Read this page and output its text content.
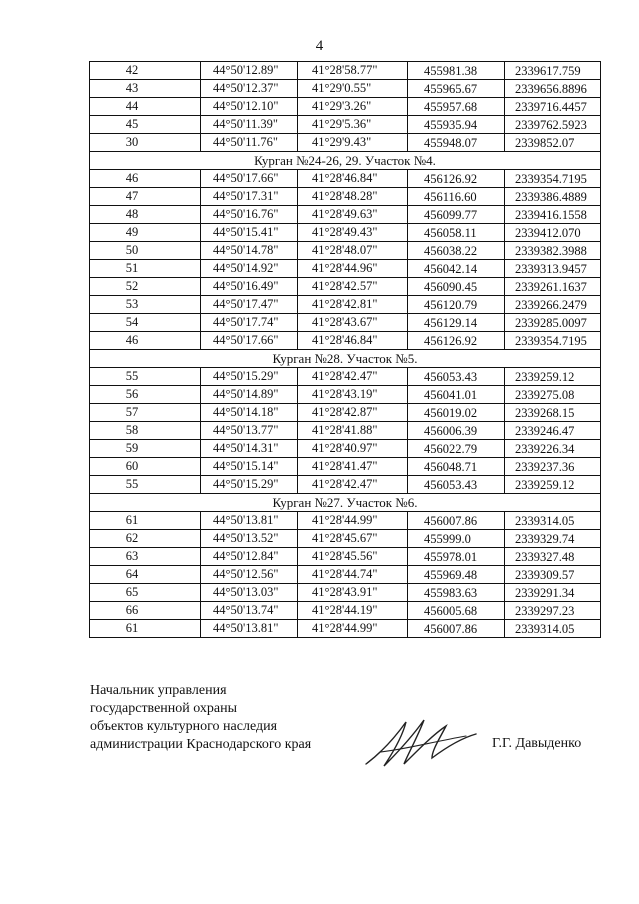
4
42	44°50'12.89"	41°28'58.77"	455981.38	2339617.759
43	44°50'12.37"	41°29'0.55"	455965.67	2339656.8896
44	44°50'12.10"	41°29'3.26"	455957.68	2339716.4457
45	44°50'11.39"	41°29'5.36"	455935.94	2339762.5923
30	44°50'11.76"	41°29'9.43"	455948.07	2339852.07
Курган №24-26, 29. Участок №4.				
46	44°50'17.66"	41°28'46.84"	456126.92	2339354.7195
47	44°50'17.31"	41°28'48.28"	456116.60	2339386.4889
48	44°50'16.76"	41°28'49.63"	456099.77	2339416.1558
49	44°50'15.41"	41°28'49.43"	456058.11	2339412.070
50	44°50'14.78"	41°28'48.07"	456038.22	2339382.3988
51	44°50'14.92"	41°28'44.96"	456042.14	2339313.9457
52	44°50'16.49"	41°28'42.57"	456090.45	2339261.1637
53	44°50'17.47"	41°28'42.81"	456120.79	2339266.2479
54	44°50'17.74"	41°28'43.67"	456129.14	2339285.0097
46	44°50'17.66"	41°28'46.84"	456126.92	2339354.7195
Курган №28. Участок №5.				
55	44°50'15.29"	41°28'42.47"	456053.43	2339259.12
56	44°50'14.89"	41°28'43.19"	456041.01	2339275.08
57	44°50'14.18"	41°28'42.87"	456019.02	2339268.15
58	44°50'13.77"	41°28'41.88"	456006.39	2339246.47
59	44°50'14.31"	41°28'40.97"	456022.79	2339226.34
60	44°50'15.14"	41°28'41.47"	456048.71	2339237.36
55	44°50'15.29"	41°28'42.47"	456053.43	2339259.12
Курган №27. Участок №6.				
61	44°50'13.81"	41°28'44.99"	456007.86	2339314.05
62	44°50'13.52"	41°28'45.67"	455999.0	2339329.74
63	44°50'12.84"	41°28'45.56"	455978.01	2339327.48
64	44°50'12.56"	41°28'44.74"	455969.48	2339309.57
65	44°50'13.03"	41°28'43.91"	455983.63	2339291.34
66	44°50'13.74"	41°28'44.19"	456005.68	2339297.23
61	44°50'13.81"	41°28'44.99"	456007.86	2339314.05
Начальник управления
государственной охраны
объектов культурного наследия
администрации Краснодарского края	Г.Г. Давыденко
